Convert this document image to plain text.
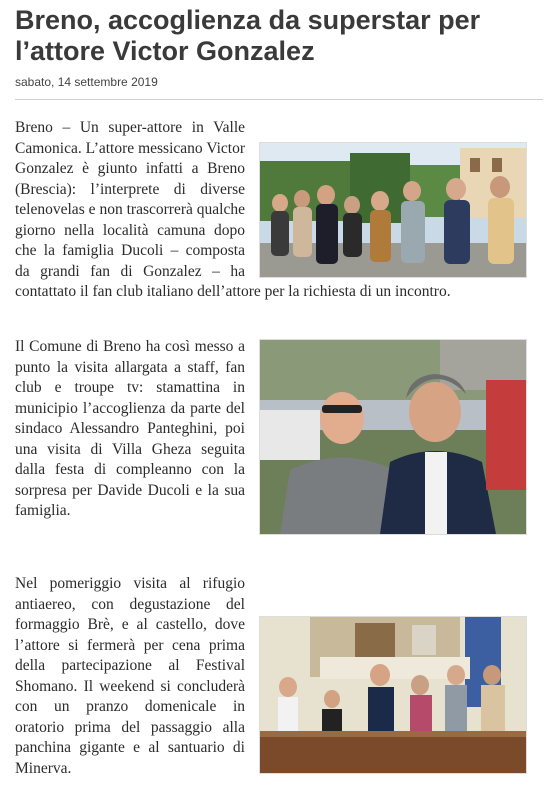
Breno, accoglienza da superstar per l’attore Victor Gonzalez
sabato, 14 settembre 2019

Breno – Un super-attore in Valle Camonica. L’attore messicano Victor Gonzalez è giunto infatti a Breno (Brescia): l’interprete di diverse telenovelas e non trascorrerà qualche giorno nella località camuna dopo che la famiglia Ducoli – composta da grandi fan di Gonzalez – ha contattato il fan club italiano dell’attore per la richiesta di un incontro.

Il Comune di Breno ha così messo a punto la visita allargata a staff, fan club e troupe tv: stamattina in municipio l’accoglienza da parte del sindaco Alessandro Panteghini, poi una visita di Villa Gheza seguita dalla festa di compleanno con la sorpresa per Davide Ducoli e la sua famiglia.

Nel pomeriggio visita al rifugio antiaereo, con degustazione del formaggio Brè, e al castello, dove l’attore si fermerà per cena prima della partecipazione al Festival Shomano. Il weekend si concluderà con un pranzo domenicale in oratorio prima del passaggio alla panchina gigante e al santuario di Minerva.
